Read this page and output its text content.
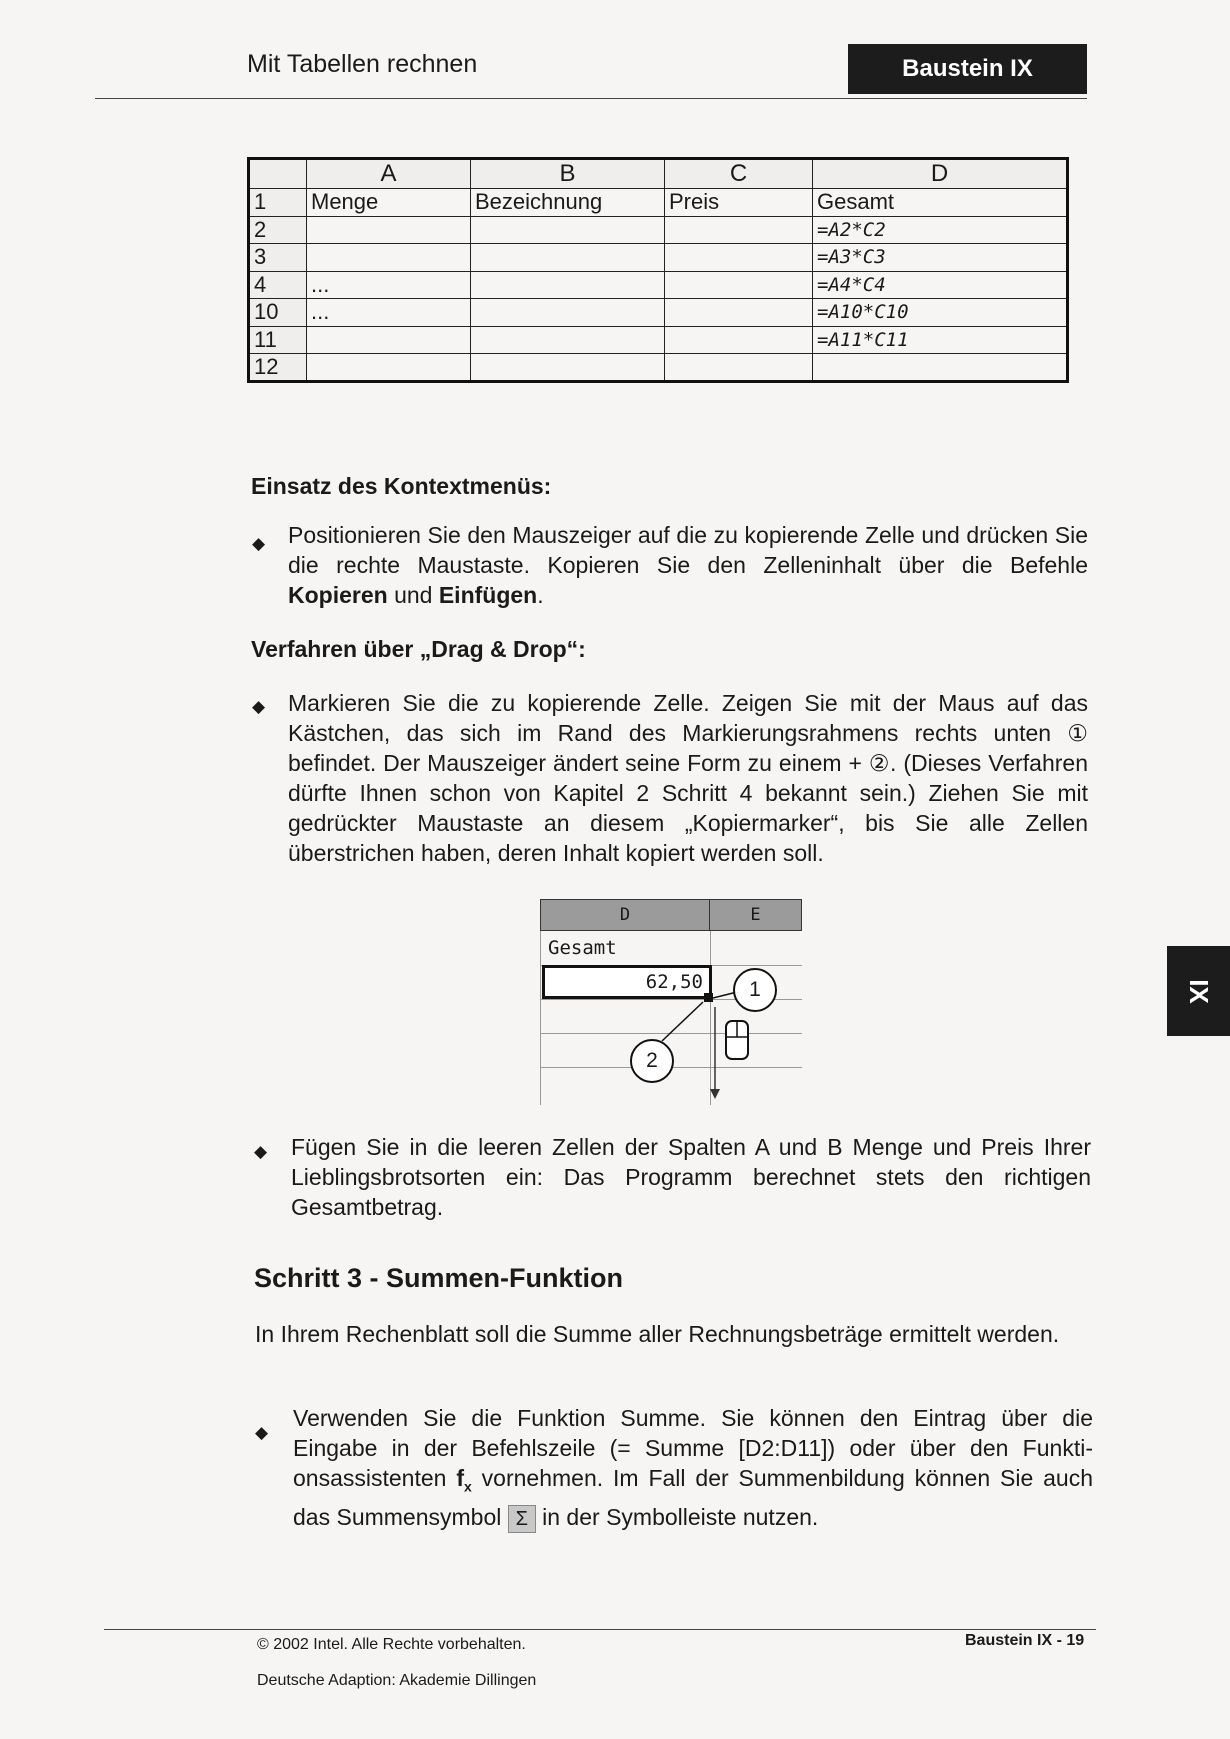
Mit Tabellen rechnen	Baustein IX
	A	B	C	D
1	Menge	Bezeichnung	Preis	Gesamt
2				=A2*C2
3				=A3*C3
4	...			=A4*C4
10	...			=A10*C10
11				=A11*C11
12				
Einsatz des Kontextmenüs:
◆ Positionieren Sie den Mauszeiger auf die zu kopierende Zelle und drücken Sie die rechte Maustaste. Kopieren Sie den Zelleninhalt über die Befehle Kopieren und Einfügen.
Verfahren über „Drag & Drop“:
◆ Markieren Sie die zu kopierende Zelle. Zeigen Sie mit der Maus auf das Kästchen, das sich im Rand des Markierungsrahmens rechts unten ① befindet. Der Mauszeiger ändert seine Form zu einem + ②. (Dieses Verfahren dürfte Ihnen schon von Kapitel 2 Schritt 4 bekannt sein.) Ziehen Sie mit gedrückter Maustaste an diesem „Kopiermarker“, bis Sie alle Zellen überstrichen haben, deren Inhalt kopiert werden soll.
D	E
Gesamt
62,50	1
2
◆ Fügen Sie in die leeren Zellen der Spalten A und B Menge und Preis Ihrer Lieblingsbrotsorten ein: Das Programm berechnet stets den richtigen Gesamtbetrag.
Schritt 3 - Summen-Funktion
In Ihrem Rechenblatt soll die Summe aller Rechnungsbeträge ermittelt werden.
◆
Verwenden Sie die Funktion Summe. Sie können den Eintrag über die Eingabe in der Befehlszeile (= Summe [D2:D11]) oder über den Funktionsassistenten $f_x$ vornehmen. Im Fall der Summenbildung können Sie auch das Summensymbol Σ in der Symbolleiste nutzen.
IX
© 2002 Intel. Alle Rechte vorbehalten.
Deutsche Adaption: Akademie Dillingen
Baustein IX - 19
